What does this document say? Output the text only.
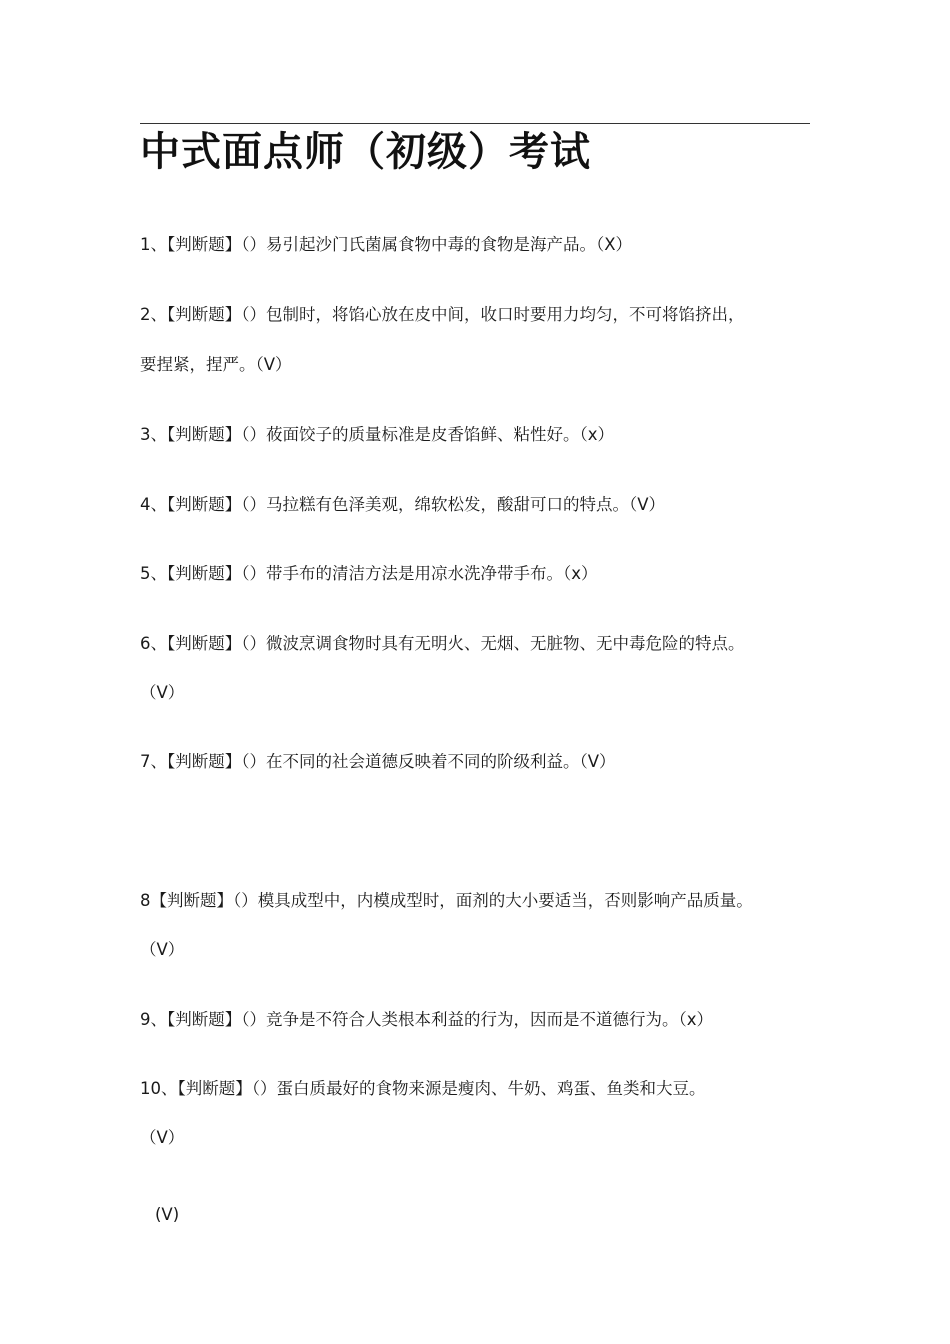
中式面点师（初级）考试
1、【判断题】（）易引起沙门氏菌属食物中毒的食物是海产品。（X）
2、【判断题】（）包制时，将馅心放在皮中间，收口时要用力均匀，不可将馅挤出，
要捏紧，捏严。（V）
3、【判断题】（）莜面饺子的质量标准是皮香馅鲜、粘性好。（x）
4、【判断题】（）马拉糕有色泽美观，绵软松发，酸甜可口的特点。（V）
5、【判断题】（）带手布的清洁方法是用凉水洗净带手布。（x）
6、【判断题】（）微波烹调食物时具有无明火、无烟、无脏物、无中毒危险的特点。
（V）
7、【判断题】（）在不同的社会道德反映着不同的阶级利益。（V）
8【判断题】（）模具成型中，内模成型时，面剂的大小要适当，否则影响产品质量。
（V）
9、【判断题】（）竞争是不符合人类根本利益的行为，因而是不道德行为。（x）
10、【判断题】（）蛋白质最好的食物来源是瘦肉、牛奶、鸡蛋、鱼类和大豆。
（V）
(V)
